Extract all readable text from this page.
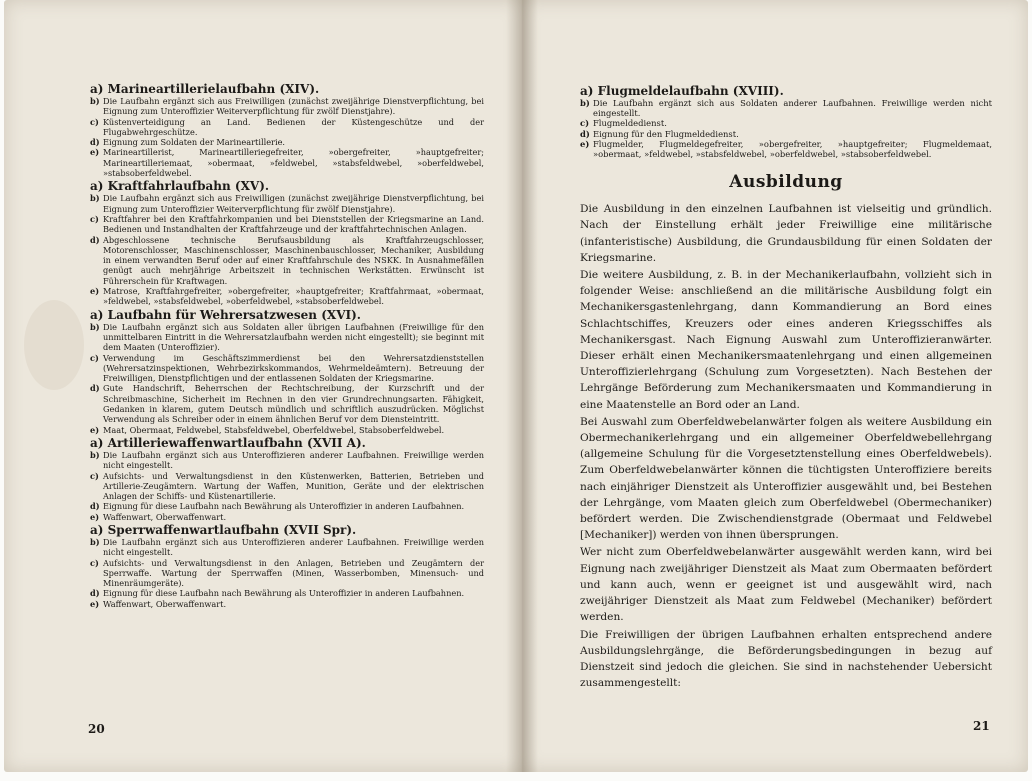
a) Marineartillerielaufbahn (XIV).

b) Die Laufbahn ergänzt sich aus Freiwilligen (zunächst zweijährige Dienstverpflichtung, bei Eignung zum Unteroffizier Weiterverpflichtung für zwölf Dienstjahre).
c) Küstenverteidigung an Land. Bedienen der Küstengeschütze und der Flugabwehrgeschütze.
d) Eignung zum Soldaten der Marineartillerie.
e) Marineartillerist, Marineartilleriegefreiter, »obergefreiter, »hauptgefreiter; Marineartilleriemaat, »obermaat, »feldwebel, »stabsfeldwebel, »oberfeldwebel, »stabsoberfeldwebel.

a) Kraftfahrlaufbahn (XV).

b) Die Laufbahn ergänzt sich aus Freiwilligen (zunächst zweijährige Dienstverpflichtung, bei Eignung zum Unteroffizier Weiterverpflichtung für zwölf Dienstjahre).
c) Kraftfahrer bei den Kraftfahrkompanien und bei Dienststellen der Kriegsmarine an Land. Bedienen und Instandhalten der Kraftfahrzeuge und der kraftfahrtechnischen Anlagen.
d) Abgeschlossene technische Berufsausbildung als Kraftfahrzeugschlosser, Motorenschlosser, Maschinenschlosser, Maschinenbauschlosser, Mechaniker, Ausbildung in einem verwandten Beruf oder auf einer Kraftfahrschule des NSKK. In Ausnahmefällen genügt auch mehrjährige Arbeitszeit in technischen Werkstätten. Erwünscht ist Führerschein für Kraftwagen.
e) Matrose, Kraftfahrgefreiter, »obergefreiter, »hauptgefreiter; Kraftfahrmaat, »obermaat, »feldwebel, »stabsfeldwebel, »oberfeldwebel, »stabsoberfeldwebel.

a) Laufbahn für Wehrersatzwesen (XVI).

b) Die Laufbahn ergänzt sich aus Soldaten aller übrigen Laufbahnen (Freiwillige für den unmittelbaren Eintritt in die Wehrersatzlaufbahn werden nicht eingestellt); sie beginnt mit dem Maaten (Unteroffizier).
c) Verwendung im Geschäftszimmerdienst bei den Wehrersatzdienststellen (Wehrersatzinspektionen, Wehrbezirkskommandos, Wehrmeldeämtern). Betreuung der Freiwilligen, Dienstpflichtigen und der entlassenen Soldaten der Kriegsmarine.
d) Gute Handschrift, Beherrschen der Rechtschreibung, der Kurzschrift und der Schreibmaschine, Sicherheit im Rechnen in den vier Grundrechnungsarten. Fähigkeit, Gedanken in klarem, gutem Deutsch mündlich und schriftlich auszudrücken. Möglichst Verwendung als Schreiber oder in einem ähnlichen Beruf vor dem Diensteintritt.
e) Maat, Obermaat, Feldwebel, Stabsfeldwebel, Oberfeldwebel, Stabsoberfeldwebel.

a) Artilleriewaffenwartlaufbahn (XVII A).

b) Die Laufbahn ergänzt sich aus Unteroffizieren anderer Laufbahnen. Freiwillige werden nicht eingestellt.
c) Aufsichts- und Verwaltungsdienst in den Küstenwerken, Batterien, Betrieben und Artillerie-Zeugämtern. Wartung der Waffen, Munition, Geräte und der elektrischen Anlagen der Schiffs- und Küstenartillerie.
d) Eignung für diese Laufbahn nach Bewährung als Unteroffizier in anderen Laufbahnen.
e) Waffenwart, Oberwaffenwart.

a) Sperrwaffenwartlaufbahn (XVII Spr).

b) Die Laufbahn ergänzt sich aus Unteroffizieren anderer Laufbahnen. Freiwillige werden nicht eingestellt.
c) Aufsichts- und Verwaltungsdienst in den Anlagen, Betrieben und Zeugämtern der Sperrwaffe. Wartung der Sperrwaffen (Minen, Wasserbomben, Minensuch- und Minenräumgeräte).
d) Eignung für diese Laufbahn nach Bewährung als Unteroffizier in anderen Laufbahnen.
e) Waffenwart, Oberwaffenwart.
20

a) Flugmeldelaufbahn (XVIII).

b) Die Laufbahn ergänzt sich aus Soldaten anderer Laufbahnen. Freiwillige werden nicht eingestellt.
c) Flugmeldedienst.
d) Eignung für den Flugmeldedienst.
e) Flugmelder, Flugmeldegefreiter, »obergefreiter, »hauptgefreiter; Flugmeldemaat, »obermaat, »feldwebel, »stabsfeldwebel, »oberfeldwebel, »stabsoberfeldwebel.
Ausbildung

Die Ausbildung in den einzelnen Laufbahnen ist vielseitig und gründlich. Nach der Einstellung erhält jeder Freiwillige eine militärische (infanteristische) Ausbildung, die Grundausbildung für einen Soldaten der Kriegsmarine.

Die weitere Ausbildung, z. B. in der Mechanikerlaufbahn, vollzieht sich in folgender Weise: anschließend an die militärische Ausbildung folgt ein Mechanikersgastenlehrgang, dann Kommandierung an Bord eines Schlachtschiffes, Kreuzers oder eines anderen Kriegsschiffes als Mechanikersgast. Nach Eignung Auswahl zum Unteroffizieranwärter. Dieser erhält einen Mechanikersmaatenlehrgang und einen allgemeinen Unteroffizierlehrgang (Schulung zum Vorgesetzten). Nach Bestehen der Lehrgänge Beförderung zum Mechanikersmaaten und Kommandierung in eine Maatenstelle an Bord oder an Land.

Bei Auswahl zum Oberfeldwebelanwärter folgen als weitere Ausbildung ein Obermechanikerlehrgang und ein allgemeiner Oberfeldwebellehrgang (allgemeine Schulung für die Vorgesetztenstellung eines Oberfeldwebels). Zum Oberfeldwebelanwärter können die tüchtigsten Unteroffiziere bereits nach einjähriger Dienstzeit als Unteroffizier ausgewählt und, bei Bestehen der Lehrgänge, vom Maaten gleich zum Oberfeldwebel (Obermechaniker) befördert werden. Die Zwischendienstgrade (Obermaat und Feldwebel [Mechaniker]) werden von ihnen übersprungen.

Wer nicht zum Oberfeldwebelanwärter ausgewählt werden kann, wird bei Eignung nach zweijähriger Dienstzeit als Maat zum Obermaaten befördert und kann auch, wenn er geeignet ist und ausgewählt wird, nach zweijähriger Dienstzeit als Maat zum Feldwebel (Mechaniker) befördert werden.

Die Freiwilligen der übrigen Laufbahnen erhalten entsprechend andere Ausbildungslehrgänge, die Beförderungsbedingungen in bezug auf Dienstzeit sind jedoch die gleichen. Sie sind in nachstehender Uebersicht zusammengestellt:

21
